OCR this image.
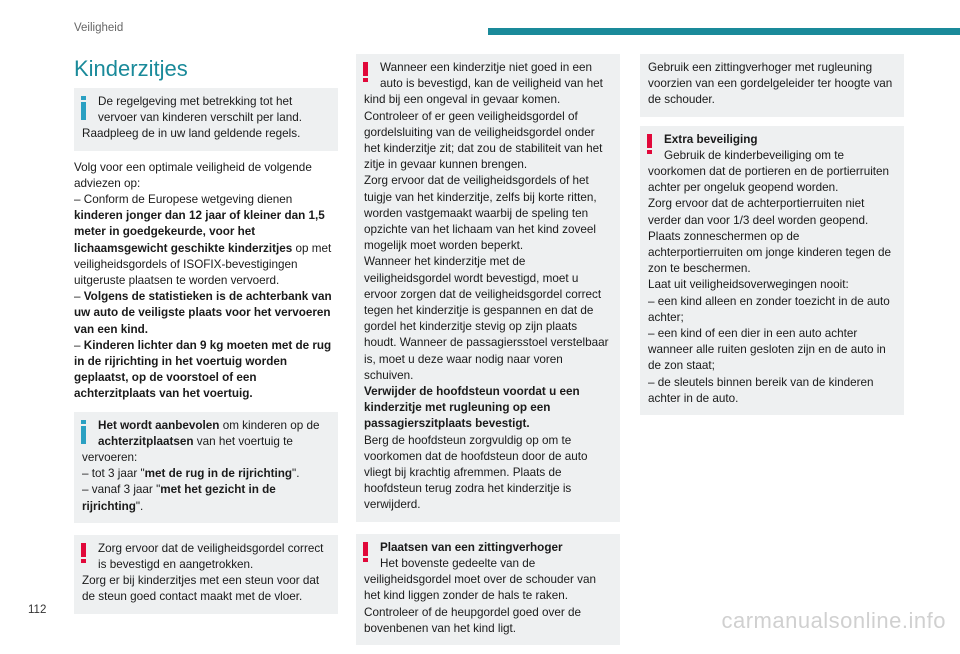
Veiligheid
Kinderzitjes

De regelgeving met betrekking tot het

vervoer van kinderen verschilt per land.

Raadpleeg de in uw land geldende regels.

Volg voor een optimale veiligheid de volgende adviezen op:

– Conform de Europese wetgeving dienen kinderen jonger dan 12 jaar of kleiner dan 1,5 meter in goedgekeurde, voor het lichaamsgewicht geschikte kinderzitjes op met veiligheidsgordels of ISOFIX-bevestigingen uitgeruste plaatsen te worden vervoerd.

– Volgens de statistieken is de achterbank van uw auto de veiligste plaats voor het vervoeren van een kind.

– Kinderen lichter dan 9 kg moeten met de rug in de rijrichting in het voertuig worden geplaatst, op de voorstoel of een achterzitplaats van het voertuig.

Het wordt aanbevolen om kinderen op de

achterzitplaatsen van het voertuig te

vervoeren:

– tot 3 jaar "met de rug in de rijrichting".

– vanaf 3 jaar "met het gezicht in de rijrichting".

Zorg ervoor dat de veiligheidsgordel correct

is bevestigd en aangetrokken.

Zorg er bij kinderzitjes met een steun voor dat de steun goed contact maakt met de vloer.

Wanneer een kinderzitje niet goed in een

auto is bevestigd, kan de veiligheid van het

kind bij een ongeval in gevaar komen.

Controleer of er geen veiligheidsgordel of gordelsluiting van de veiligheidsgordel onder het kinderzitje zit; dat zou de stabiliteit van het zitje in gevaar kunnen brengen.

Zorg ervoor dat de veiligheidsgordels of het tuigje van het kinderzitje, zelfs bij korte ritten, worden vastgemaakt waarbij de speling ten opzichte van het lichaam van het kind zoveel mogelijk moet worden beperkt.

Wanneer het kinderzitje met de veiligheidsgordel wordt bevestigd, moet u ervoor zorgen dat de veiligheidsgordel correct tegen het kinderzitje is gespannen en dat de gordel het kinderzitje stevig op zijn plaats houdt. Wanneer de passagiersstoel verstelbaar is, moet u deze waar nodig naar voren schuiven.

Verwijder de hoofdsteun voordat u een kinderzitje met rugleuning op een passagierszitplaats bevestigt.

Berg de hoofdsteun zorgvuldig op om te voorkomen dat de hoofdsteun door de auto vliegt bij krachtig afremmen. Plaats de hoofdsteun terug zodra het kinderzitje is verwijderd.

Plaatsen van een zittingverhoger

Het bovenste gedeelte van de

veiligheidsgordel moet over de schouder van het kind liggen zonder de hals te raken.

Controleer of de heupgordel goed over de bovenbenen van het kind ligt.

Gebruik een zittingverhoger met rugleuning voorzien van een gordelgeleider ter hoogte van de schouder.

Extra beveiliging

Gebruik de kinderbeveiliging om te

voorkomen dat de portieren en de portierruiten achter per ongeluk geopend worden.

Zorg ervoor dat de achterportierruiten niet verder dan voor 1/3 deel worden geopend.

Plaats zonneschermen op de achterportierruiten om jonge kinderen tegen de zon te beschermen.

Laat uit veiligheidsoverwegingen nooit:

– een kind alleen en zonder toezicht in de auto achter;

– een kind of een dier in een auto achter wanneer alle ruiten gesloten zijn en de auto in de zon staat;

– de sleutels binnen bereik van de kinderen achter in de auto.

112	carmanualsonline.info
